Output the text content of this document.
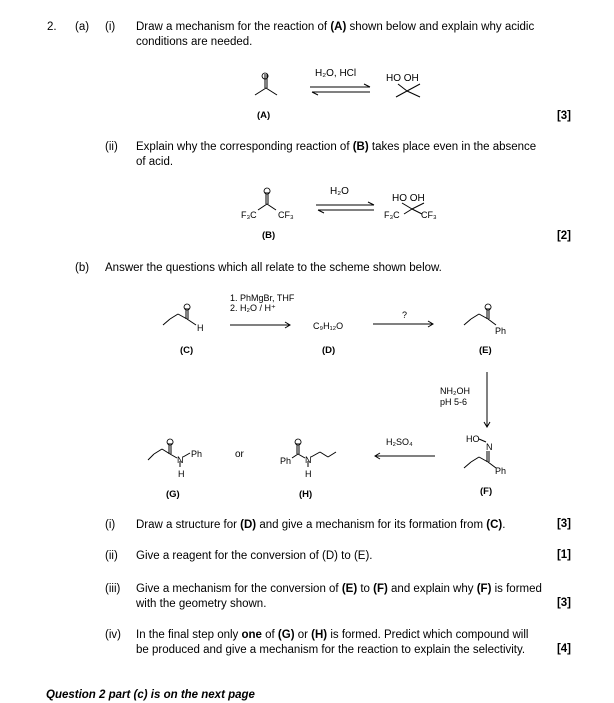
2. (a) (i) Draw a mechanism for the reaction of (A) shown below and explain why acidic
conditions are needed.
(A)
H₂O, HCl	HO OH
[3]
(ii) Explain why the corresponding reaction of (B) takes place even in the absence
of acid.
F₃C CF₃
(B)
H₂O
HO OH
F₃C CF₃
[2]
(b) Answer the questions which all relate to the scheme shown below.
H
(C)
1. PhMgBr, THF
2. H₂O / H⁺
C₉H₁₂O
(D)
?
Ph
(E)
NH₂OH
pH 5-6
HO
N
Ph
(F)
H₂SO₄
N
Ph
H
(G)
or
Ph N
H
(H)
(i) Draw a structure for (D) and give a mechanism for its formation from (C).	[3]
(ii) Give a reagent for the conversion of (D) to (E).	[1]
(iii) Give a mechanism for the conversion of (E) to (F) and explain why (F) is formed
with the geometry shown.	[3]
(iv) In the final step only one of (G) or (H) is formed. Predict which compound will
be produced and give a mechanism for the reaction to explain the selectivity.	[4]
Question 2 part (c) is on the next page
